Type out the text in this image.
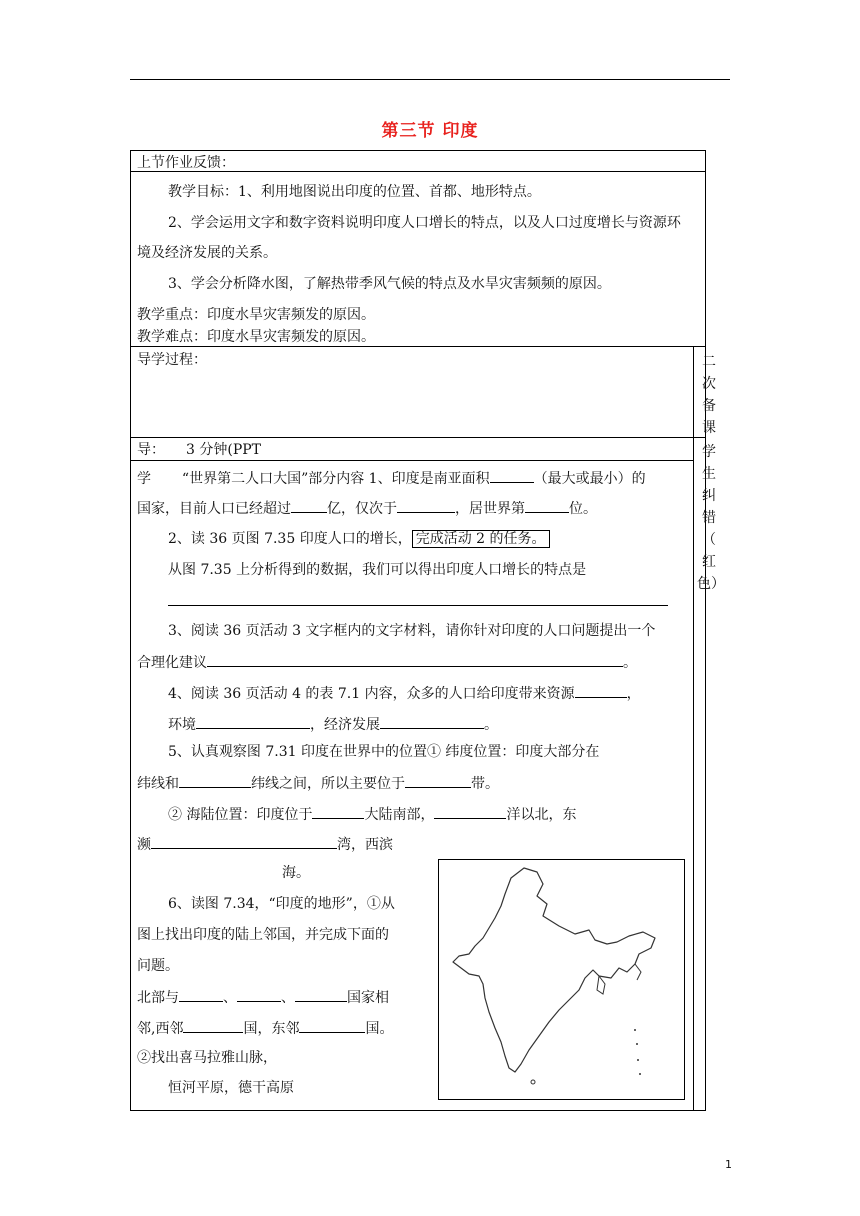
第三节 印度
上节作业反馈：
教学目标：1、利用地图说出印度的位置、首都、地形特点。
2、学会运用文字和数字资料说明印度人口增长的特点，以及人口过度增长与资源环
境及经济发展的关系。
3、学会分析降水图，了解热带季风气候的特点及水旱灾害频频的原因。
教学重点：印度水旱灾害频发的原因。
教学难点：印度水旱灾害频发的原因。
导学过程：	二
次
备
课
学
生
纠
错
（
红
色）
导： 3 分钟(PPT
学 “世界第二人口大国”部分内容 1、印度是南亚面积	（最大或最小）的
国家，目前人口已经超过	亿，仅次于	，居世界第	位。
2、读 36 页图 7.35 印度人口的增长， 完成活动 2 的任务。
从图 7.35 上分析得到的数据，我们可以得出印度人口增长的特点是
3、阅读 36 页活动 3 文字框内的文字材料，请你针对印度的人口问题提出一个
合理化建议	。
4、阅读 36 页活动 4 的表 7.1 内容，众多的人口给印度带来资源	，
环境	，经济发展	。
5、认真观察图 7.31 印度在世界中的位置① 纬度位置：印度大部分在
纬线和	纬线之间，所以主要位于	带。
② 海陆位置：印度位于	大陆南部，	洋以北，东
濒	湾，西滨
海。
6、读图 7.34，“印度的地形”，①从
图上找出印度的陆上邻国，并完成下面的
问题。
北部与	、	、	国家相
邻,西邻	国，东邻	国。
②找出喜马拉雅山脉，
恒河平原，德干高原
1
